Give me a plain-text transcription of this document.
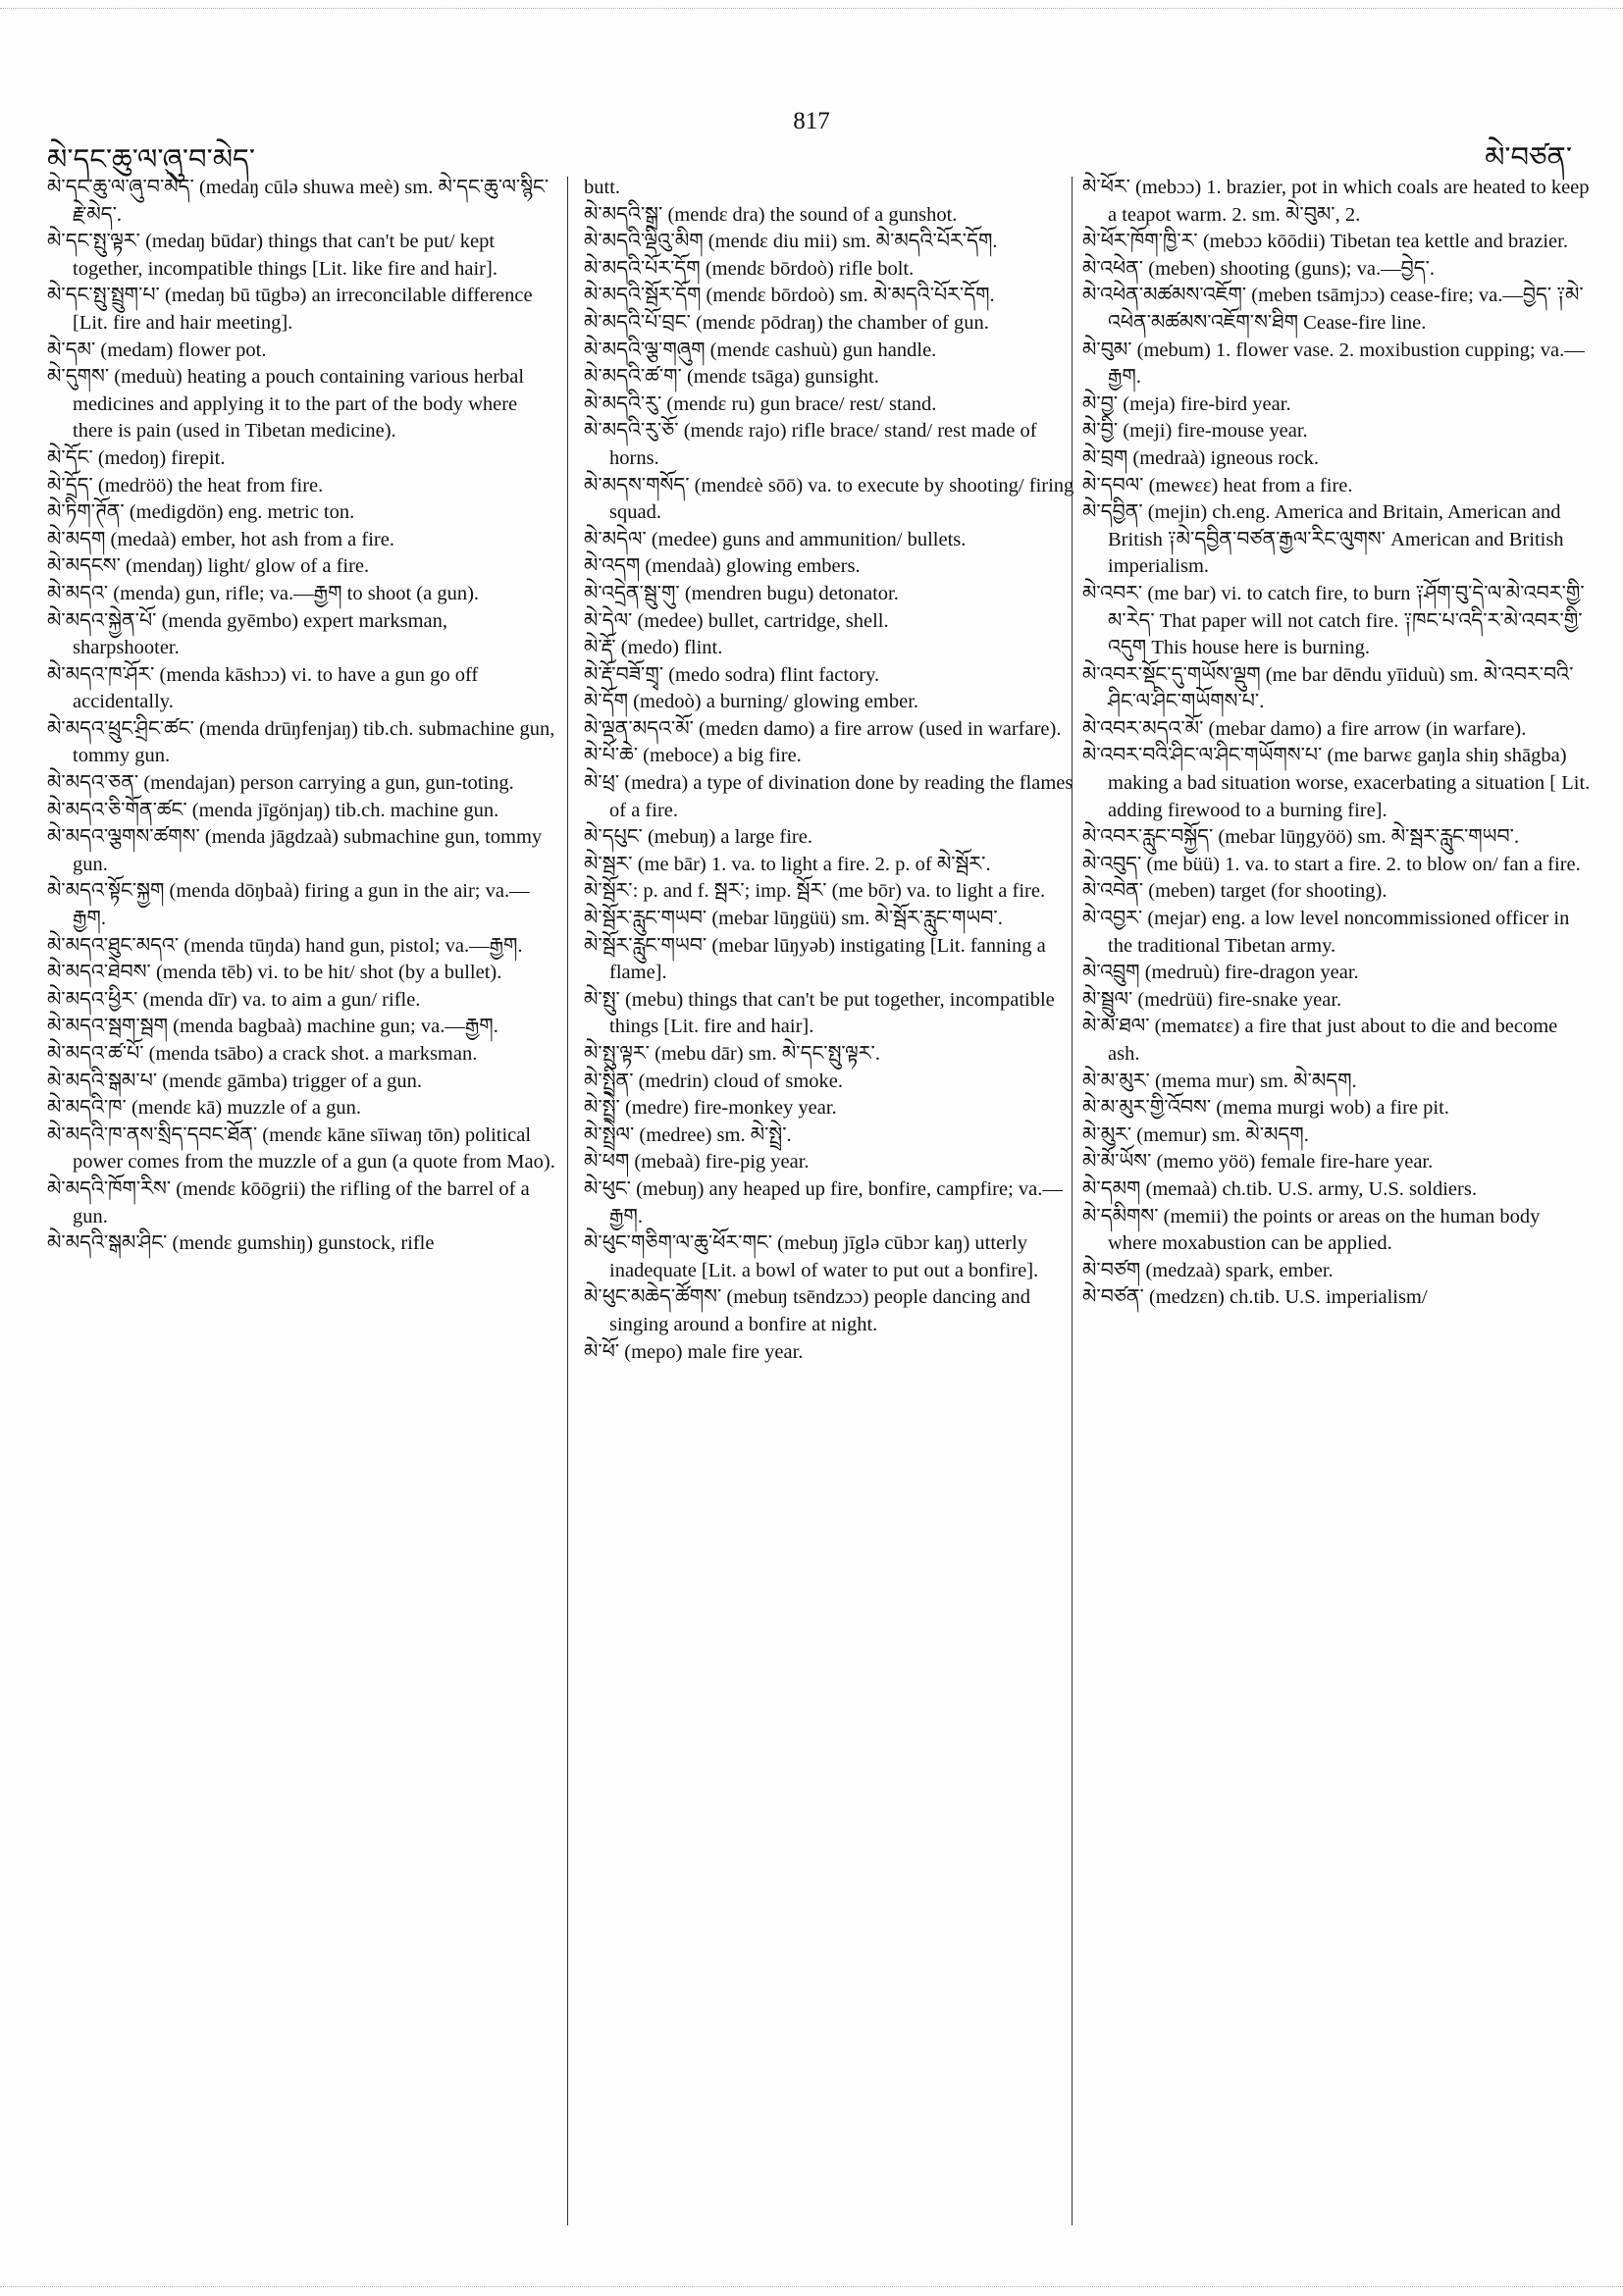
མེ་དང་ཆུ་ལ་ཞུ་བ་མེད་
817
མེ་བཙན་

མེ་དང་ཆུ་ལ་ཞུ་བ་མེད་ (medaŋ cūlə shuwa meè) sm. མེ་དང་ཆུ་ལ་སྙིང་རྗེ་མེད་.

མེ་དང་སྤུ་ལྟར་ (medaŋ būdar) things that can't be put/ kept together, incompatible things [Lit. like fire and hair].

མེ་དང་སྤུ་སྤྲུག་པ་ (medaŋ bū tūgbə) an irreconcilable difference [Lit. fire and hair meeting].

མེ་དམ་ (medam) flower pot.

མེ་དུགས་ (meduù) heating a pouch containing various herbal medicines and applying it to the part of the body where there is pain (used in Tibetan medicine).

མེ་དོང་ (medoŋ) firepit.

མེ་དྲོད་ (medröö) the heat from fire.

མེ་ཏིག་ཊོན་ (medigdön) eng. metric ton.

མེ་མདག (medaà) ember, hot ash from a fire.

མེ་མདངས་ (mendaŋ) light/ glow of a fire.

མེ་མདའ་ (menda) gun, rifle; va.—རྒྱག to shoot (a gun).

མེ་མདའ་སྐྱེན་པོ་ (menda gyēmbo) expert marksman, sharpshooter.

མེ་མདའ་ཁ་ཤོར་ (menda kāshɔɔ) vi. to have a gun go off accidentally.

མེ་མདའ་ཕྲུང་ཤྲིང་ཚང་ (menda drūŋfenjaŋ) tib.ch. submachine gun, tommy gun.

མེ་མདའ་ཅན་ (mendajan) person carrying a gun, gun-toting.

མེ་མདའ་ཅི་གོན་ཚང་ (menda jīgönjaŋ) tib.ch. machine gun.

མེ་མདའ་ལྕགས་ཚགས་ (menda jāgdzaà) submachine gun, tommy gun.

མེ་མདའ་སྟོང་སྐྱག (menda dōŋbaà) firing a gun in the air; va.—རྒྱག.

མེ་མདའ་ཐུང་མདའ་ (menda tūŋda) hand gun, pistol; va.—རྒྱག.

མེ་མདའ་ཐེབས་ (menda tēb) vi. to be hit/ shot (by a bullet).

མེ་མདའ་ཕྱིར་ (menda dīr) va. to aim a gun/ rifle.

མེ་མདའ་སྦག་སྦག (menda bagbaà) machine gun; va.—རྒྱག.

མེ་མདའ་ཚ་པོ་ (menda tsābo) a crack shot. a marksman.

མེ་མདའི་སྒམ་པ་ (mendɛ gāmba) trigger of a gun.

མེ་མདའི་ཁ་ (mendɛ kā) muzzle of a gun.

མེ་མདའི་ཁ་ནས་སྲིད་དབང་ཐོན་ (mendɛ kāne sīiwaŋ tōn) political power comes from the muzzle of a gun (a quote from Mao).

མེ་མདའི་ཁོག་རིས་ (mendɛ kōōgrii) the rifling of the barrel of a gun.

མེ་མདའི་སྒམ་ཤིང་ (mendɛ gumshiŋ) gunstock, rifle

butt.

མེ་མདའི་སྒྲ་ (mendɛ dra) the sound of a gunshot.

མེ་མདའི་ལྡིའུ་མིག (mendɛ diu mii) sm. མེ་མདའི་པོར་དོག.

མེ་མདའི་པོར་དོག (mendɛ bōrdoò) rifle bolt.

མེ་མདའི་སྦོར་དོག (mendɛ bōrdoò) sm. མེ་མདའི་པོར་དོག.

མེ་མདའི་པོ་བྲང་ (mendɛ pōdraŋ) the chamber of gun.

མེ་མདའི་ལྕ་གཞུག (mendɛ cashuù) gun handle.

མེ་མདའི་ཚ་ག་ (mendɛ tsāga) gunsight.

མེ་མདའི་རུ་ (mendɛ ru) gun brace/ rest/ stand.

མེ་མདའི་རུ་ཅོ་ (mendɛ rajo) rifle brace/ stand/ rest made of horns.

མེ་མདས་གསོད་ (mendɛè sōō) va. to execute by shooting/ firing squad.

མེ་མདེལ་ (medee) guns and ammunition/ bullets.

མེ་འདག (mendaà) glowing embers.

མེ་འདྲེན་སྦུ་གུ་ (mendren bugu) detonator.

མེ་དེལ་ (medee) bullet, cartridge, shell.

མེ་རྡོ་ (medo) flint.

མེ་རྡོ་བཟོ་གྲྭ་ (medo sodra) flint factory.

མེ་དོག (medoò) a burning/ glowing ember.

མེ་ལྡན་མདའ་མོ་ (medɛn damo) a fire arrow (used in warfare).

མེ་པོ་ཆེ་ (meboce) a big fire.

མེ་ཕྲ་ (medra) a type of divination done by reading the flames of a fire.

མེ་དཔུང་ (mebuŋ) a large fire.

མེ་སྦར་ (me bār) 1. va. to light a fire. 2. p. of མེ་སྦོར་.

མེ་སྦོར་: p. and f. སྦར་; imp. སྦོར་ (me bōr) va. to light a fire.

མེ་སྦོར་རླུང་གཡབ་ (mebar lūŋgüü) sm. མེ་སྦོར་རླུང་གཡབ་.

མེ་སྦོར་རླུང་གཡབ་ (mebar lūŋyəb) instigating [Lit. fanning a flame].

མེ་སྤུ་ (mebu) things that can't be put together, incompatible things [Lit. fire and hair].

མེ་སྤུ་ལྟར་ (mebu dār) sm. མེ་དང་སྤུ་ལྟར་.

མེ་སྤྲིན་ (medrin) cloud of smoke.

མེ་སྤྲེ་ (medre) fire-monkey year.

མེ་སྤྲེལ་ (medree) sm. མེ་སྤྲེ་.

མེ་ཕག (mebaà) fire-pig year.

མེ་ཕུང་ (mebuŋ) any heaped up fire, bonfire, campfire; va.—རྒྱག.

མེ་ཕུང་གཅིག་ལ་ཆུ་ཕོར་གང་ (mebuŋ jīglə cūbɔr kaŋ) utterly inadequate [Lit. a bowl of water to put out a bonfire].

མེ་ཕུང་མཆེད་ཚོགས་ (mebuŋ tsēndzɔɔ) people dancing and singing around a bonfire at night.

མེ་ཕོ་ (mepo) male fire year.

མེ་ཕོར་ (mebɔɔ) 1. brazier, pot in which coals are heated to keep a teapot warm. 2. sm. མེ་བུམ་, 2.

མེ་ཕོར་ཁོག་ཁྱི་ར་ (mebɔɔ kōōdii) Tibetan tea kettle and brazier.

མེ་འཕེན་ (meben) shooting (guns); va.—བྱེད་.

མེ་འཕེན་མཚམས་འཇོག་ (meben tsāmjɔɔ) cease-fire; va.—བྱེད་ ༑མེ་འཕེན་མཚམས་འཇོག་ས་ཐིག Cease-fire line.

མེ་བུམ་ (mebum) 1. flower vase. 2. moxibustion cupping; va.—རྒྱག.

མེ་བྱ་ (meja) fire-bird year.

མེ་བྱི་ (meji) fire-mouse year.

མེ་བྲག (medraà) igneous rock.

མེ་དབལ་ (mewɛɛ) heat from a fire.

མེ་དབྱིན་ (mejin) ch.eng. America and Britain, American and British ༑མེ་དབྱིན་བཙན་རྒྱལ་རིང་ལུགས་ American and British imperialism.

མེ་འབར་ (me bar) vi. to catch fire, to burn ༑ཤོག་བུ་དེ་ལ་མེ་འབར་གྱི་མ་རེད་ That paper will not catch fire. ༑ཁང་པ་འདི་ར་མེ་འབར་གྱི་འདུག This house here is burning.

མེ་འབར་སྡོང་དུ་གཡོས་ལྡུག (me bar dēndu yīiduù) sm. མེ་འབར་བའི་ཤིང་ལ་ཤིང་གཡོགས་པ་.

མེ་འབར་མདའ་མོ་ (mebar damo) a fire arrow (in warfare).

མེ་འབར་བའི་ཤིང་ལ་ཤིང་གཡོགས་པ་ (me barwɛ gaŋla shiŋ shāgba) making a bad situation worse, exacerbating a situation [ Lit. adding firewood to a burning fire].

མེ་འབར་རླུང་བསྐྱོད་ (mebar lūŋgyöö) sm. མེ་སྦར་རླུང་གཡབ་.

མེ་འབུད་ (me büü) 1. va. to start a fire. 2. to blow on/ fan a fire.

མེ་འབེན་ (meben) target (for shooting).

མེ་འབྱར་ (mejar) eng. a low level noncommissioned officer in the traditional Tibetan army.

མེ་འབྲུག (medruù) fire-dragon year.

མེ་སྦྲུལ་ (medrüü) fire-snake year.

མེ་མ་ཐལ་ (mematɛɛ) a fire that just about to die and become ash.

མེ་མ་མུར་ (mema mur) sm. མེ་མདག.

མེ་མ་མུར་གྱི་འོབས་ (mema murgi wob) a fire pit.

མེ་མུར་ (memur) sm. མེ་མདག.

མེ་མོ་ཡོས་ (memo yöö) female fire-hare year.

མེ་དམག (memaà) ch.tib. U.S. army, U.S. soldiers.

མེ་དམིགས་ (memii) the points or areas on the human body where moxabustion can be applied.

མེ་བཙག (medzaà) spark, ember.

མེ་བཙན་ (medzɛn) ch.tib. U.S. imperialism/
